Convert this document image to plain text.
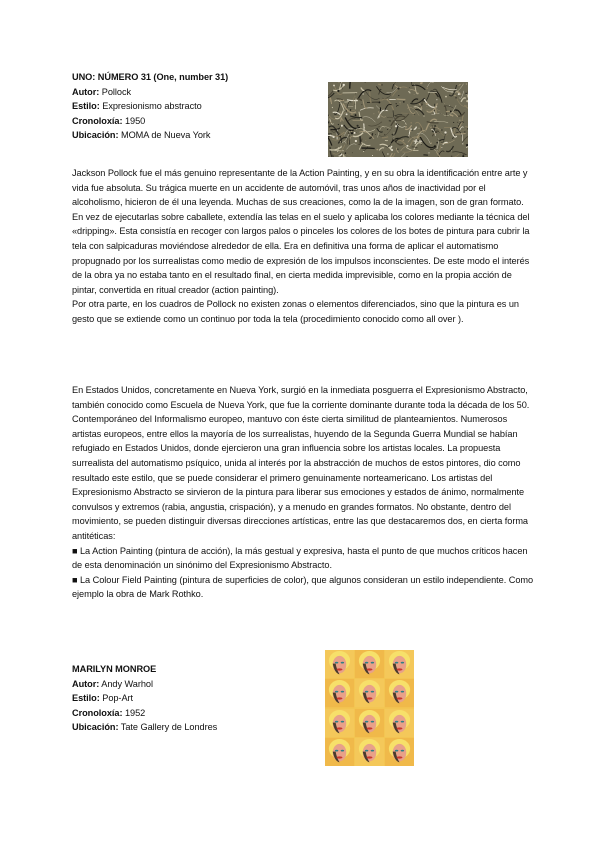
UNO: NÚMERO 31 (One, number 31)
Autor: Pollock
Estilo: Expresionismo abstracto
Cronoloxía: 1950
Ubicación: MOMA de Nueva York

Jackson Pollock fue el más genuino representante de la Action Painting, y en su obra la identificación entre arte y vida fue absoluta. Su trágica muerte en un accidente de automóvil, tras unos años de inactividad por el alcoholismo, hicieron de él una leyenda. Muchas de sus creaciones, como la de la imagen, son de gran formato. En vez de ejecutarlas sobre caballete, extendía las telas en el suelo y aplicaba los colores mediante la técnica del «dripping». Esta consistía en recoger con largos palos o pinceles los colores de los botes de pintura para cubrir la tela con salpicaduras moviéndose alrededor de ella. Era en definitiva una forma de aplicar el automatismo propugnado por los surrealistas como medio de expresión de los impulsos inconscientes. De este modo el interés de la obra ya no estaba tanto en el resultado final, en cierta medida imprevisible, como en la propia acción de pintar, convertida en ritual creador (action painting).

Por otra parte, en los cuadros de Pollock no existen zonas o elementos diferenciados, sino que la pintura es un gesto que se extiende como un continuo por toda la tela (procedimiento conocido como all over ).

En Estados Unidos, concretamente en Nueva York, surgió en la inmediata posguerra el Expresionismo Abstracto, también conocido como Escuela de Nueva York, que fue la corriente dominante durante toda la década de los 50. Contemporáneo del Informalismo europeo, mantuvo con éste cierta similitud de planteamientos. Numerosos artistas europeos, entre ellos la mayoría de los surrealistas, huyendo de la Segunda Guerra Mundial se habían refugiado en Estados Unidos, donde ejercieron una gran influencia sobre los artistas locales. La propuesta surrealista del automatismo psíquico, unida al interés por la abstracción de muchos de estos pintores, dio como resultado este estilo, que se puede considerar el primero genuinamente norteamericano. Los artistas del Expresionismo Abstracto se sirvieron de la pintura para liberar sus emociones y estados de ánimo, normalmente convulsos y extremos (rabia, angustia, crispación), y a menudo en grandes formatos. No obstante, dentro del movimiento, se pueden distinguir diversas direcciones artísticas, entre las que destacaremos dos, en cierta forma antitéticas:

■ La Action Painting (pintura de acción), la más gestual y expresiva, hasta el punto de que muchos críticos hacen de esta denominación un sinónimo del Expresionismo Abstracto.

■ La Colour Field Painting (pintura de superficies de color), que algunos consideran un estilo independiente. Como ejemplo la obra de Mark Rothko.

MARILYN MONROE
Autor: Andy Warhol
Estilo: Pop-Art
Cronoloxía: 1952
Ubicación: Tate Gallery de Londres
